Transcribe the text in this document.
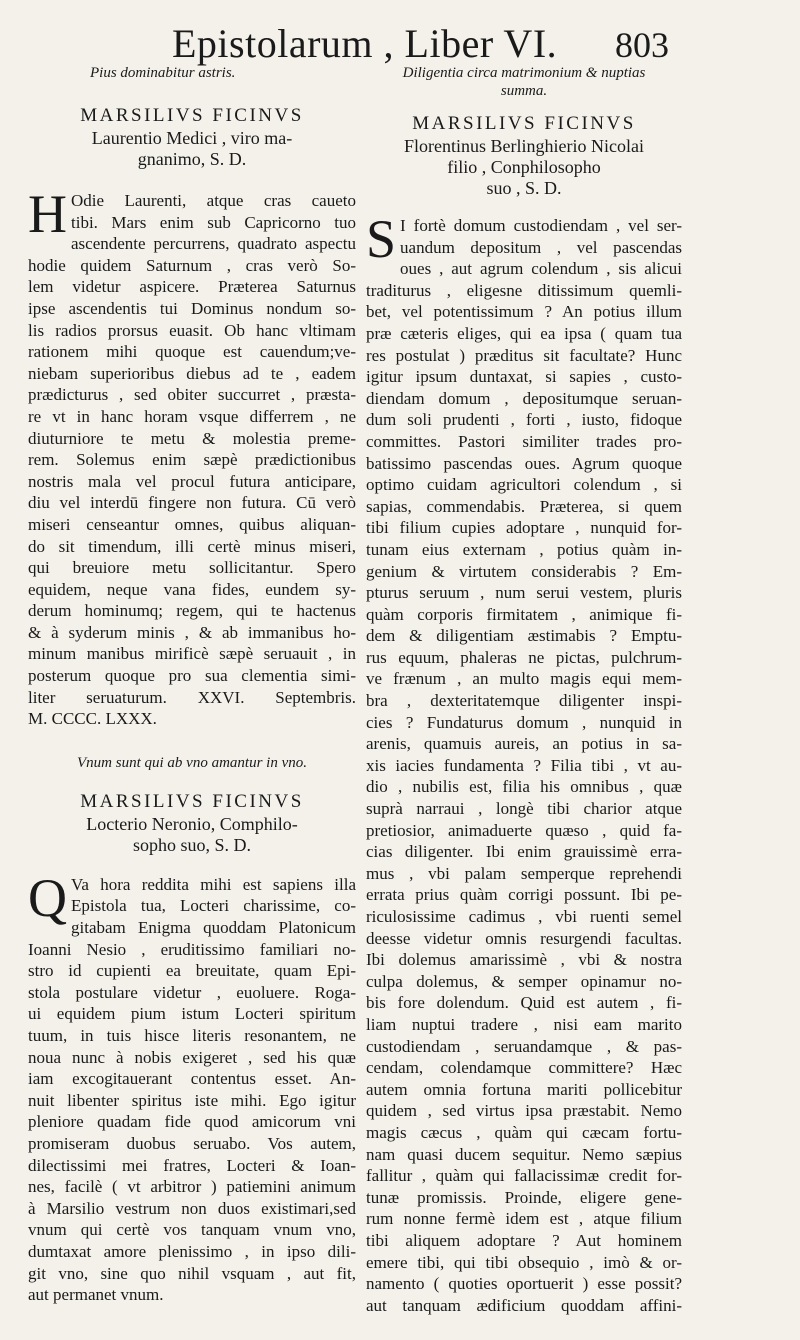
Epistolarum , Liber VI. 803

Pius dominabitur astris.

MARSILIVS FICINVS
Laurentio Medici , viro ma-
gnanimo, S. D.
H Odie Laurenti, atque cras caueto
tibi. Mars enim sub Capricorno tuo
ascendente percurrens, quadrato aspectu
hodie quidem Saturnum , cras verò So-
lem videtur aspicere. Præterea Saturnus
ipse ascendentis tui Dominus nondum so-
lis radios prorsus euasit. Ob hanc vltimam
rationem mihi quoque est cauendum;ve-
niebam superioribus diebus ad te , eadem
prædicturus , sed obiter succurret , præsta-
re vt in hanc horam vsque differrem , ne
diuturniore te metu & molestia preme-
rem. Solemus enim sæpè prædictionibus
nostris mala vel procul futura anticipare,
diu vel interdū fingere non futura. Cū verò
miseri censeantur omnes, quibus aliquan-
do sit timendum, illi certè minus miseri,
qui breuiore metu sollicitantur. Spero
equidem, neque vana fides, eundem sy-
derum hominumq; regem, qui te hactenus
& à syderum minis , & ab immanibus ho-
minum manibus mirificè sæpè seruauit , in
posterum quoque pro sua clementia simi-
liter seruaturum. XXVI. Septembris.
M. CCCC. LXXX.

Vnum sunt qui ab vno amantur in vno.

MARSILIVS FICINVS
Locterio Neronio, Comphilo-
sopho suo, S. D.
Q Va hora reddita mihi est sapiens illa
Epistola tua, Locteri charissime, co-
gitabam Enigma quoddam Platonicum
Ioanni Nesio , eruditissimo familiari no-
stro id cupienti ea breuitate, quam Epi-
stola postulare videtur , euoluere. Roga-
ui equidem pium istum Locteri spiritum
tuum, in tuis hisce literis resonantem, ne
noua nunc à nobis exigeret , sed his quæ
iam excogitauerant contentus esset. An-
nuit libenter spiritus iste mihi. Ego igitur
pleniore quadam fide quod amicorum vni
promiseram duobus seruabo. Vos autem,
dilectissimi mei fratres, Locteri & Ioan-
nes, facilè ( vt arbitror ) patiemini animum
à Marsilio vestrum non duos existimari,sed
vnum qui certè vos tanquam vnum vno,
dumtaxat amore plenissimo , in ipso dili-
git vno, sine quo nihil vsquam , aut fit,
aut permanet vnum.

Diligentia circa matrimonium & nuptias

summa.

MARSILIVS FICINVS
Florentinus Berlinghierio Nicolai
filio , Conphilosopho
suo , S. D.
S I fortè domum custodiendam , vel ser-
uandum depositum , vel pascendas
oues , aut agrum colendum , sis alicui
traditurus , eligesne ditissimum quemli-
bet, vel potentissimum ? An potius illum
præ cæteris eliges, qui ea ipsa ( quam tua
res postulat ) præditus sit facultate? Hunc
igitur ipsum duntaxat, si sapies , custo-
diendam domum , depositumque seruan-
dum soli prudenti , forti , iusto, fidoque
committes. Pastori similiter trades pro-
batissimo pascendas oues. Agrum quoque
optimo cuidam agricultori colendum , si
sapias, commendabis. Præterea, si quem
tibi filium cupies adoptare , nunquid for-
tunam eius externam , potius quàm in-
genium & virtutem considerabis ? Em-
pturus seruum , num serui vestem, pluris
quàm corporis firmitatem , animique fi-
dem & diligentiam æstimabis ? Emptu-
rus equum, phaleras ne pictas, pulchrum-
ve frænum , an multo magis equi mem-
bra , dexteritatemque diligenter inspi-
cies ? Fundaturus domum , nunquid in
arenis, quamuis aureis, an potius in sa-
xis iacies fundamenta ? Filia tibi , vt au-
dio , nubilis est, filia his omnibus , quæ
suprà narraui , longè tibi charior atque
pretiosior, animaduerte quæso , quid fa-
cias diligenter. Ibi enim grauissimè erra-
mus , vbi palam semperque reprehendi
errata prius quàm corrigi possunt. Ibi pe-
riculosissime cadimus , vbi ruenti semel
deesse videtur omnis resurgendi facultas.
Ibi dolemus amarissimè , vbi & nostra
culpa dolemus, & semper opinamur no-
bis fore dolendum. Quid est autem , fi-
liam nuptui tradere , nisi eam marito
custodiendam , seruandamque , & pas-
cendam, colendamque committere? Hæc
autem omnia fortuna mariti pollicebitur
quidem , sed virtus ipsa præstabit. Nemo
magis cæcus , quàm qui cæcam fortu-
nam quasi ducem sequitur. Nemo sæpius
fallitur , quàm qui fallacissimæ credit for-
tunæ promissis. Proinde, eligere gene-
rum nonne fermè idem est , atque filium
tibi aliquem adoptare ? Aut hominem
emere tibi, qui tibi obsequio , imò & or-
namento ( quoties oportuerit ) esse possit?
aut tanquam ædificium quoddam affini-
